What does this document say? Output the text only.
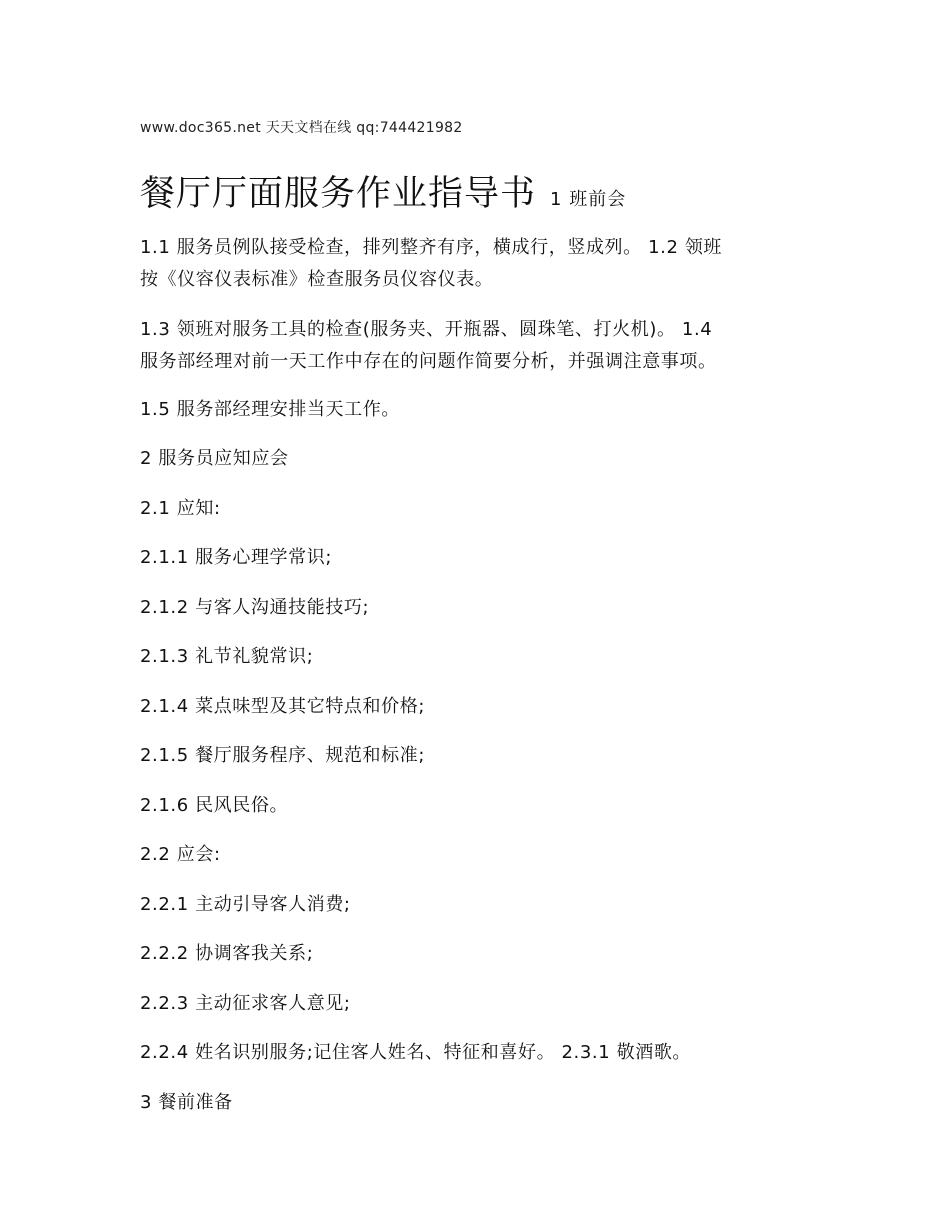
www.doc365.net 天天文档在线 qq:744421982
餐厅厅面服务作业指导书 1 班前会
1.1 服务员例队接受检查，排列整齐有序，横成行，竖成列。 1.2 领班
按《仪容仪表标准》检查服务员仪容仪表。
1.3 领班对服务工具的检查(服务夹、开瓶器、圆珠笔、打火机)。 1.4
服务部经理对前一天工作中存在的问题作简要分析，并强调注意事项。
1.5 服务部经理安排当天工作。
2 服务员应知应会
2.1 应知:
2.1.1 服务心理学常识;
2.1.2 与客人沟通技能技巧;
2.1.3 礼节礼貌常识;
2.1.4 菜点味型及其它特点和价格;
2.1.5 餐厅服务程序、规范和标准;
2.1.6 民风民俗。
2.2 应会:
2.2.1 主动引导客人消费;
2.2.2 协调客我关系;
2.2.3 主动征求客人意见;
2.2.4 姓名识别服务;记住客人姓名、特征和喜好。 2.3.1 敬酒歌。
3 餐前准备
